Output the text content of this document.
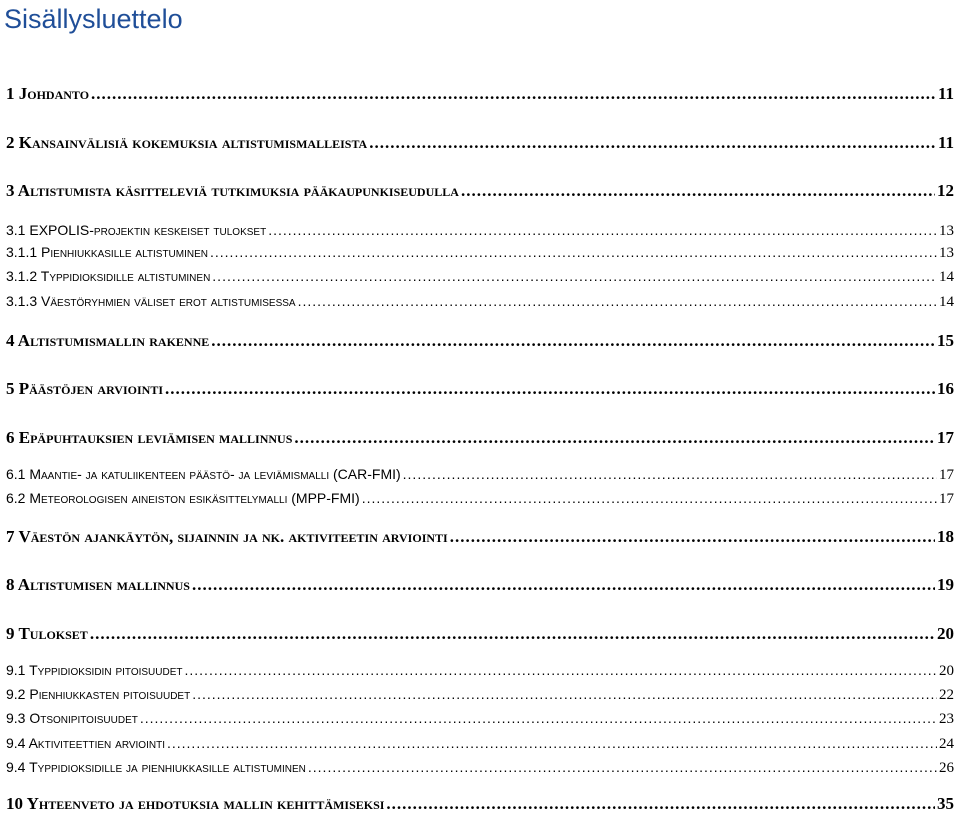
Sisällysluettelo
1 Johdanto .....	11
2 Kansainvälisiä kokemuksia altistumismalleista .....	11
3 Altistumista käsitteleviä tutkimuksia pääkaupunkiseudulla .....	12
3.1 EXPOLIS-projektin keskeiset tulokset .....	13
3.1.1 Pienhiukkasille altistuminen .....	13
3.1.2 Typpidioksidille altistuminen .....	14
3.1.3 Väestöryhmien väliset erot altistumisessa .....	14
4 Altistumismallin rakenne .....	15
5 Päästöjen arviointi .....	16
6 Epäpuhtauksien leviämisen mallinnus .....	17
6.1 Maantie- ja katuliikenteen päästö- ja leviämismalli (CAR-FMI) .....	17
6.2 Meteorologisen aineiston esikäsittelymalli (MPP-FMI) .....	17
7 Väestön ajankäytön, sijainnin ja nk. aktiviteetin arviointi .....	18
8 Altistumisen mallinnus .....	19
9 Tulokset .....	20
9.1 Typpidioksidin pitoisuudet .....	20
9.2 Pienhiukkasten pitoisuudet .....	22
9.3 Otsonipitoisuudet .....	23
9.4 Aktiviteettien arviointi .....	24
9.4 Typpidioksidille ja pienhiukkasille altistuminen .....	26
10 Yhteenveto ja ehdotuksia mallin kehittämiseksi .....	35
